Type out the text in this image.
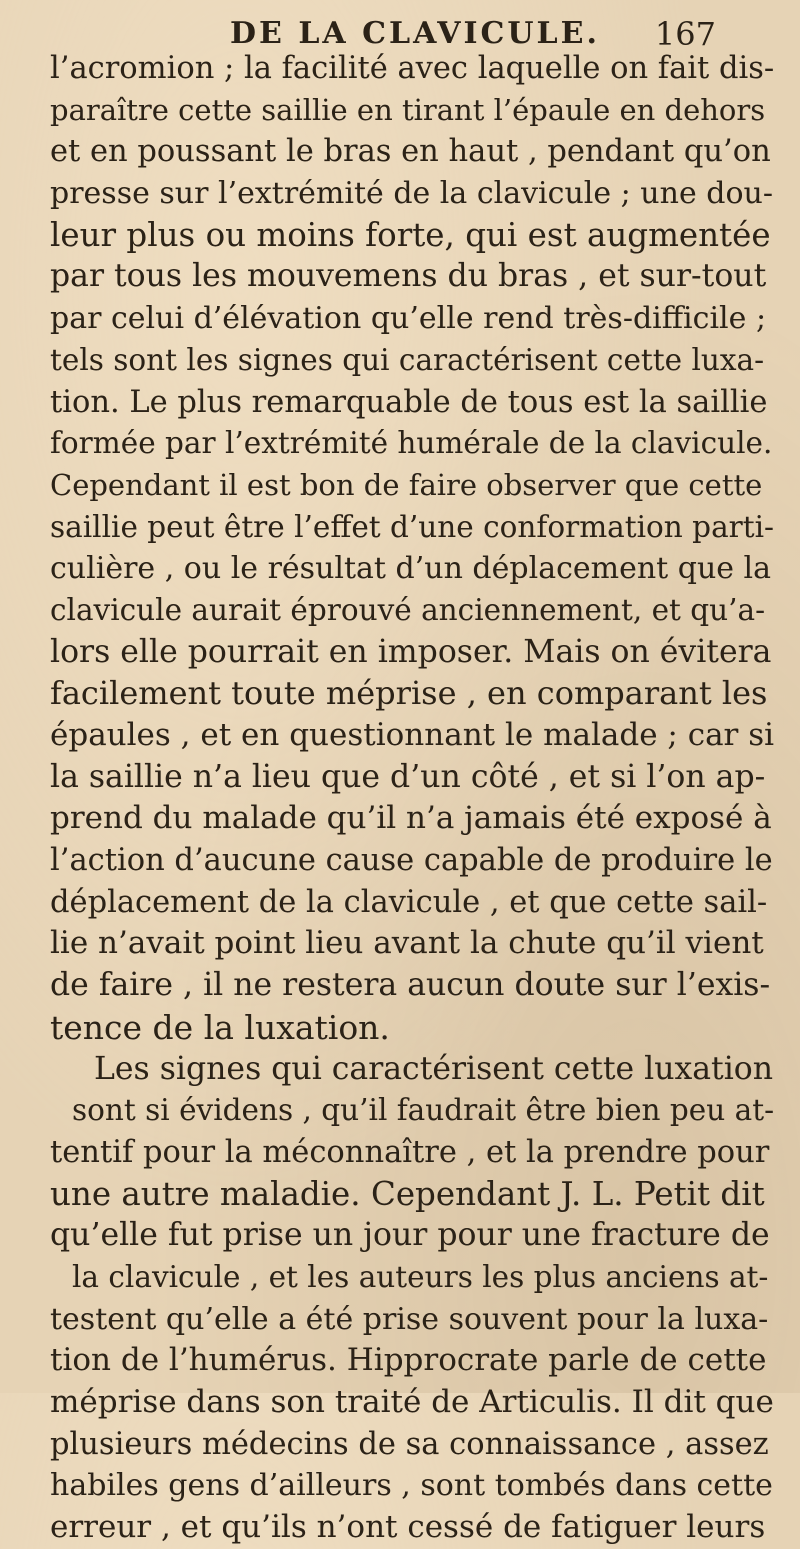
DE LA CLAVICULE. 167
l’acromion ; la facilité avec laquelle on fait dis-
paraître cette saillie en tirant l’épaule en dehors
et en poussant le bras en haut , pendant qu’on
presse sur l’extrémité de la clavicule ; une dou-
leur plus ou moins forte, qui est augmentée
par tous les mouvemens du bras , et sur-tout
par celui d’élévation qu’elle rend très-difficile ;
tels sont les signes qui caractérisent cette luxa-
tion. Le plus remarquable de tous est la saillie
formée par l’extrémité humérale de la clavicule.
Cependant il est bon de faire observer que cette
saillie peut être l’effet d’une conformation parti-
culière , ou le résultat d’un déplacement que la
clavicule aurait éprouvé anciennement, et qu’a-
lors elle pourrait en imposer. Mais on évitera
facilement toute méprise , en comparant les
épaules , et en questionnant le malade ; car si
la saillie n’a lieu que d’un côté , et si l’on ap-
prend du malade qu’il n’a jamais été exposé à
l’action d’aucune cause capable de produire le
déplacement de la clavicule , et que cette sail-
lie n’avait point lieu avant la chute qu’il vient
de faire , il ne restera aucun doute sur l’exis-
tence de la luxation.
Les signes qui caractérisent cette luxation
sont si évidens , qu’il faudrait être bien peu at-
tentif pour la méconnaître , et la prendre pour
une autre maladie. Cependant J. L. Petit dit
qu’elle fut prise un jour pour une fracture de
la clavicule , et les auteurs les plus anciens at-
testent qu’elle a été prise souvent pour la luxa-
tion de l’humérus. Hipprocrate parle de cette
méprise dans son traité de Articulis. Il dit que
plusieurs médecins de sa connaissance , assez
habiles gens d’ailleurs , sont tombés dans cette
erreur , et qu’ils n’ont cessé de fatiguer leurs
